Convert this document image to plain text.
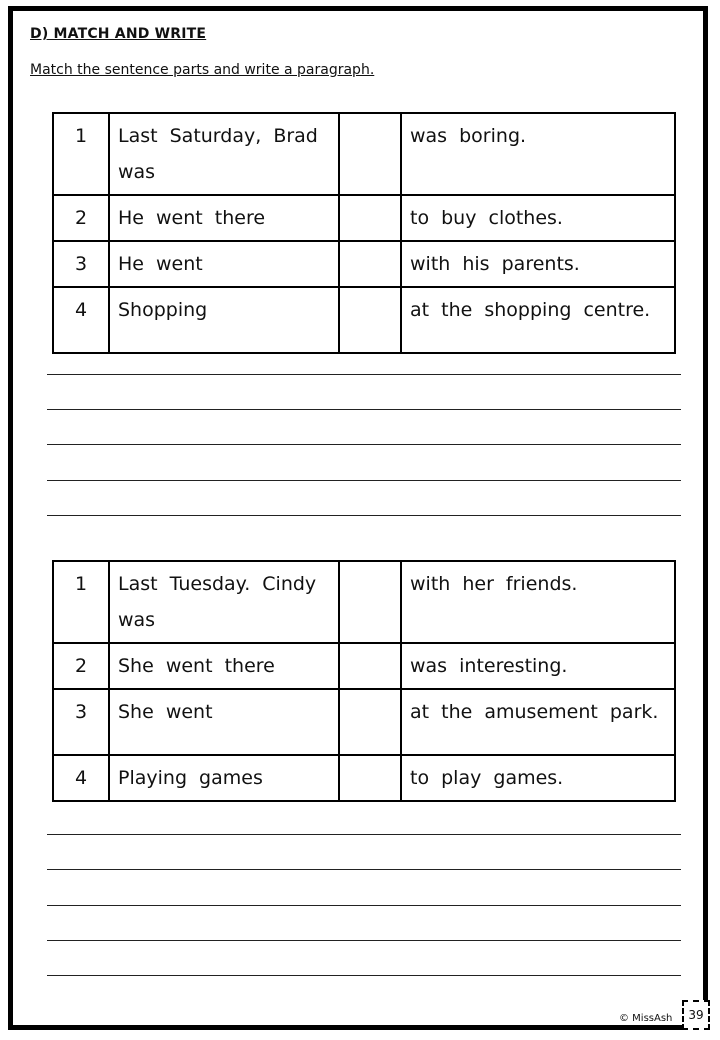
D) MATCH AND WRITE
Match the sentence parts and write a paragraph.
1	Last Saturday, Brad was		was boring.
2	He went there		to buy clothes.
3	He went		with his parents.
4	Shopping		at the shopping centre.
1	Last Tuesday. Cindy was		with her friends.
2	She went there		was interesting.
3	She went		at the amusement park.
4	Playing games		to play games.
© MissAsh	39
